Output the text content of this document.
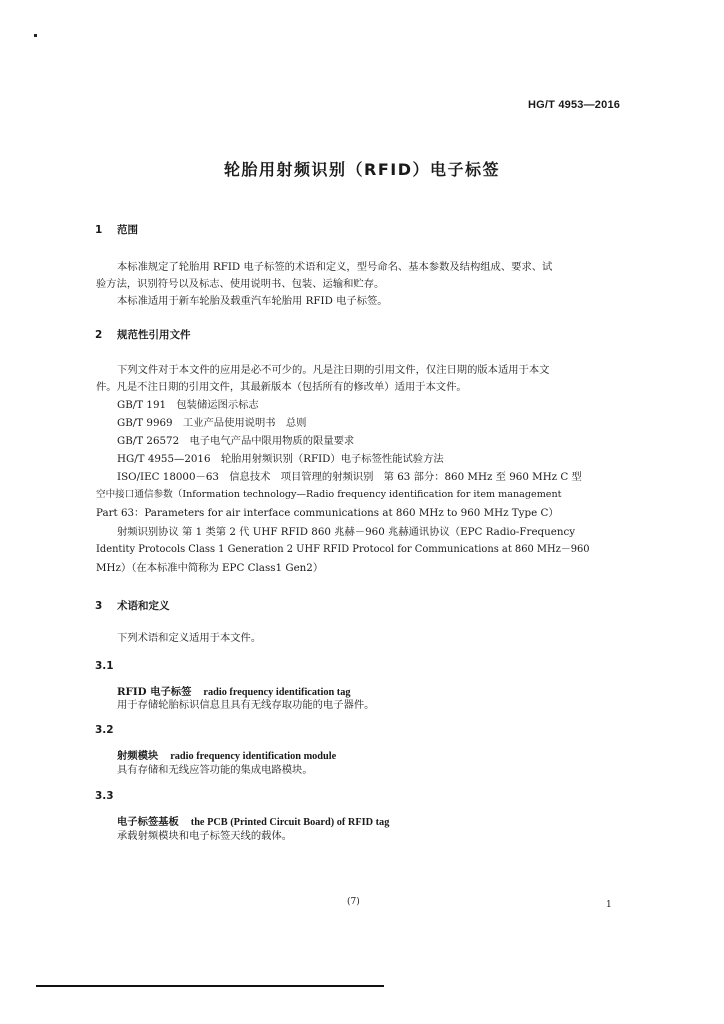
HG/T 4953—2016
轮胎用射频识别（RFID）电子标签
1 范围
本标准规定了轮胎用 RFID 电子标签的术语和定义，型号命名、基本参数及结构组成、要求、试
验方法，识别符号以及标志、使用说明书、包装、运输和贮存。
本标准适用于新车轮胎及载重汽车轮胎用 RFID 电子标签。
2 规范性引用文件
下列文件对于本文件的应用是必不可少的。凡是注日期的引用文件，仅注日期的版本适用于本文
件。凡是不注日期的引用文件，其最新版本（包括所有的修改单）适用于本文件。
GB/T 191　包装储运图示标志
GB/T 9969　工业产品使用说明书　总则
GB/T 26572　电子电气产品中限用物质的限量要求
HG/T 4955—2016　轮胎用射频识别（RFID）电子标签性能试验方法
ISO/IEC 18000－63　信息技术　项目管理的射频识别　第 63 部分：860 MHz 至 960 MHz C 型
空中接口通信参数（Information technology—Radio frequency identification for item management
Part 63：Parameters for air interface communications at 860 MHz to 960 MHz Type C）
射频识别协议 第 1 类第 2 代 UHF RFID 860 兆赫－960 兆赫通讯协议（EPC Radio-Frequency
Identity Protocols Class 1 Generation 2 UHF RFID Protocol for Communications at 860 MHz－960
MHz）（在本标准中简称为 EPC Class1 Gen2）
3 术语和定义
下列术语和定义适用于本文件。
3.1
RFID 电子标签 radio frequency identification tag
用于存储轮胎标识信息且具有无线存取功能的电子器件。
3.2
射频模块 radio frequency identification module
具有存储和无线应答功能的集成电路模块。
3.3
电子标签基板 the PCB (Printed Circuit Board) of RFID tag
承载射频模块和电子标签天线的载体。
(7)	1
